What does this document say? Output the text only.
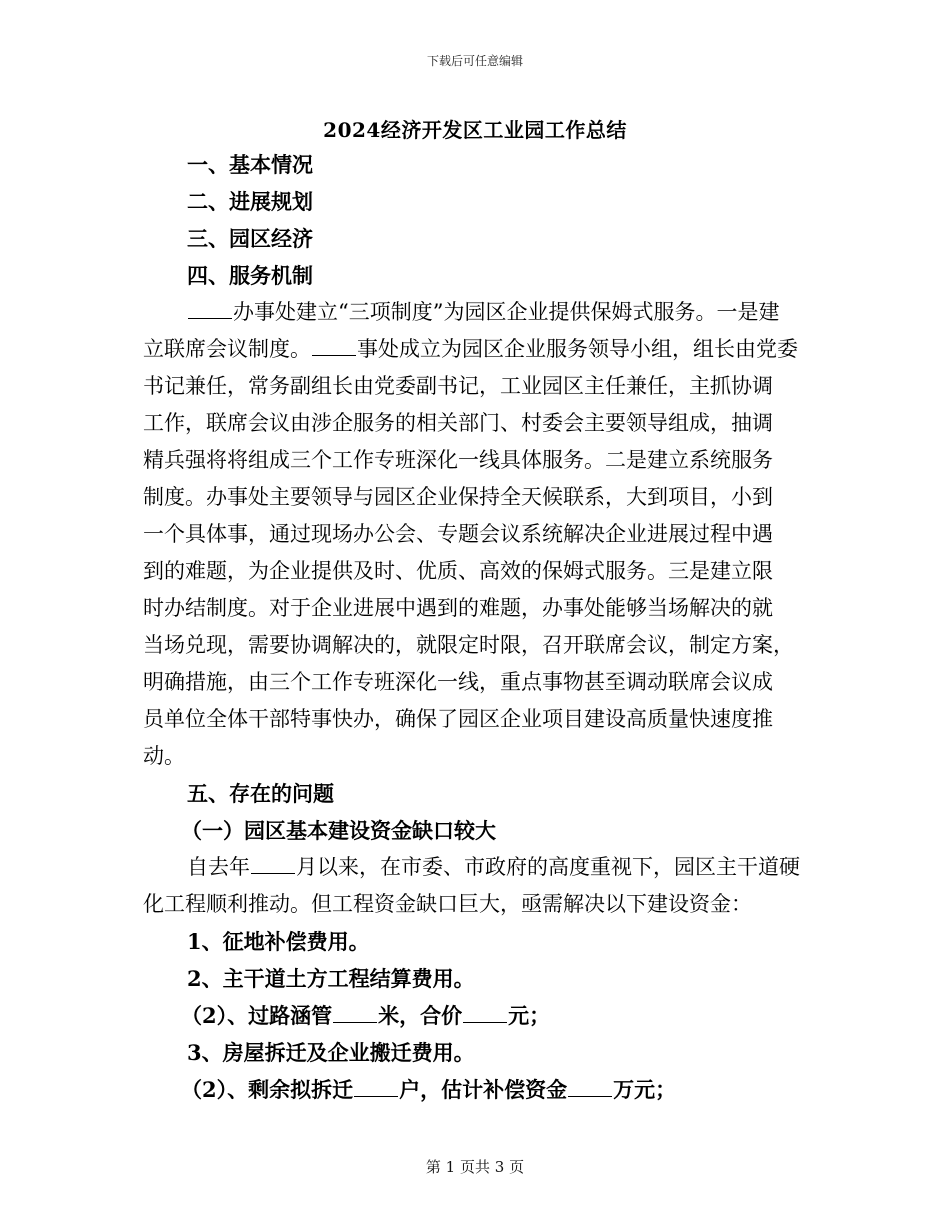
下载后可任意编辑
2024经济开发区工业园工作总结
一、基本情况
二、进展规划
三、园区经济
四、服务机制
办事处建立“三项制度”为园区企业提供保姆式服务。一是建
立联席会议制度。 事处成立为园区企业服务领导小组，组长由党委
书记兼任，常务副组长由党委副书记，工业园区主任兼任，主抓协调
工作，联席会议由涉企服务的相关部门、村委会主要领导组成，抽调
精兵强将将组成三个工作专班深化一线具体服务。二是建立系统服务
制度。办事处主要领导与园区企业保持全天候联系，大到项目，小到
一个具体事，通过现场办公会、专题会议系统解决企业进展过程中遇
到的难题，为企业提供及时、优质、高效的保姆式服务。三是建立限
时办结制度。对于企业进展中遇到的难题，办事处能够当场解决的就
当场兑现，需要协调解决的，就限定时限，召开联席会议，制定方案，
明确措施，由三个工作专班深化一线，重点事物甚至调动联席会议成
员单位全体干部特事快办，确保了园区企业项目建设高质量快速度推
动。
五、存在的问题
（一）园区基本建设资金缺口较大
自去年 月以来，在市委、市政府的高度重视下，园区主干道硬
化工程顺利推动。但工程资金缺口巨大，亟需解决以下建设资金：
1、征地补偿费用。
2、主干道土方工程结算费用。
（2）、过路涵管 米，合价 元；
3、房屋拆迁及企业搬迁费用。
（2）、剩余拟拆迁 户，估计补偿资金 万元；
第 1 页共 3 页
